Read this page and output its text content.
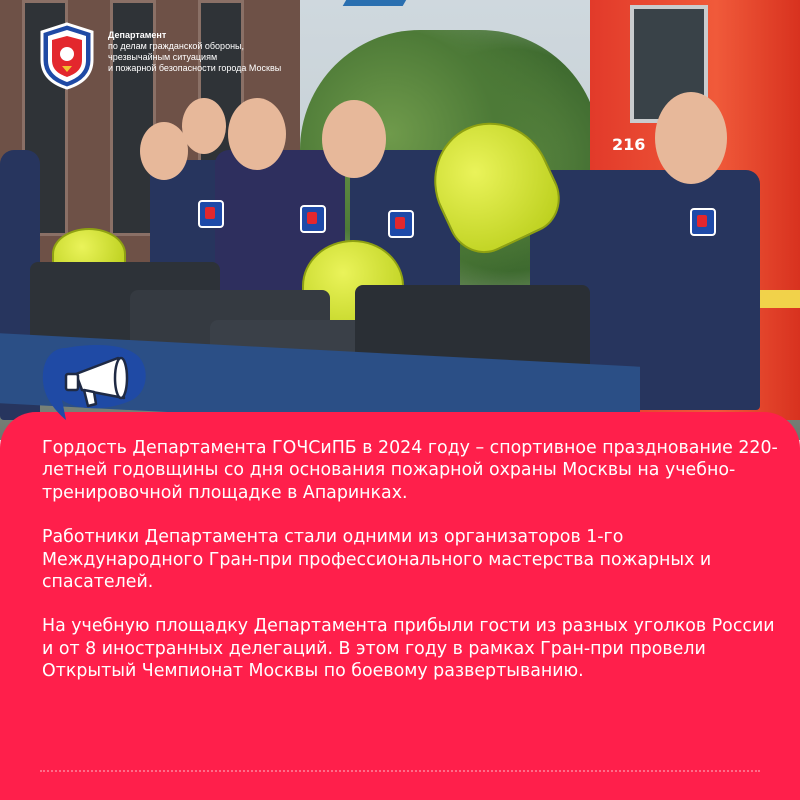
216
Департамент
по делам гражданской обороны,
чрезвычайным ситуациям
и пожарной безопасности города Москвы

Гордость Департамента ГОЧСиПБ в 2024 году – спортивное празднование 220-летней годовщины со дня основания пожарной охраны Москвы на учебно-тренировочной площадке в Апаринках.

Работники Департамента стали одними из организаторов 1-го Международного Гран-при профессионального мастерства пожарных и спасателей.

На учебную площадку Департамента прибыли гости из разных уголков России и от 8 иностранных делегаций. В этом году в рамках Гран-при провели Открытый Чемпионат Москвы по боевому развертыванию.
